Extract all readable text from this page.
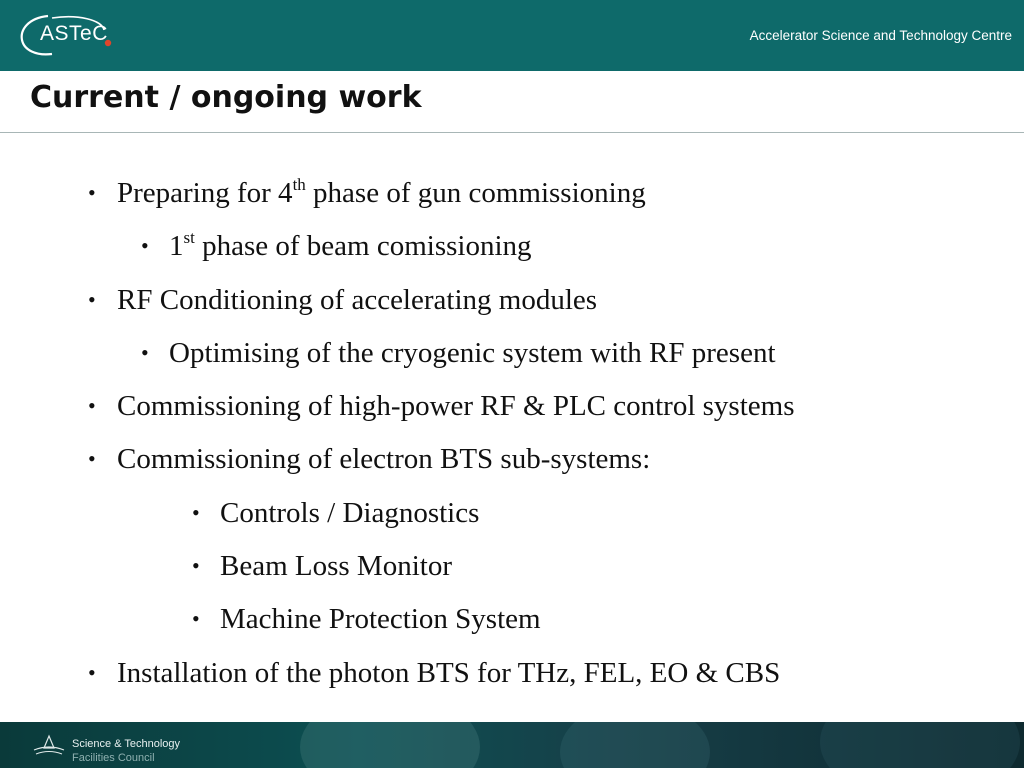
ASTeC	Accelerator Science and Technology Centre
Current / ongoing work
• Preparing for 4th phase of gun commissioning
• 1st phase of beam comissioning
• RF Conditioning of accelerating modules
• Optimising of the cryogenic system with RF present
• Commissioning of high-power RF & PLC control systems
• Commissioning of electron BTS sub-systems:
• Controls / Diagnostics
• Beam Loss Monitor
• Machine Protection System
• Installation of the photon BTS for THz, FEL, EO & CBS
Science & Technology
Facilities Council
